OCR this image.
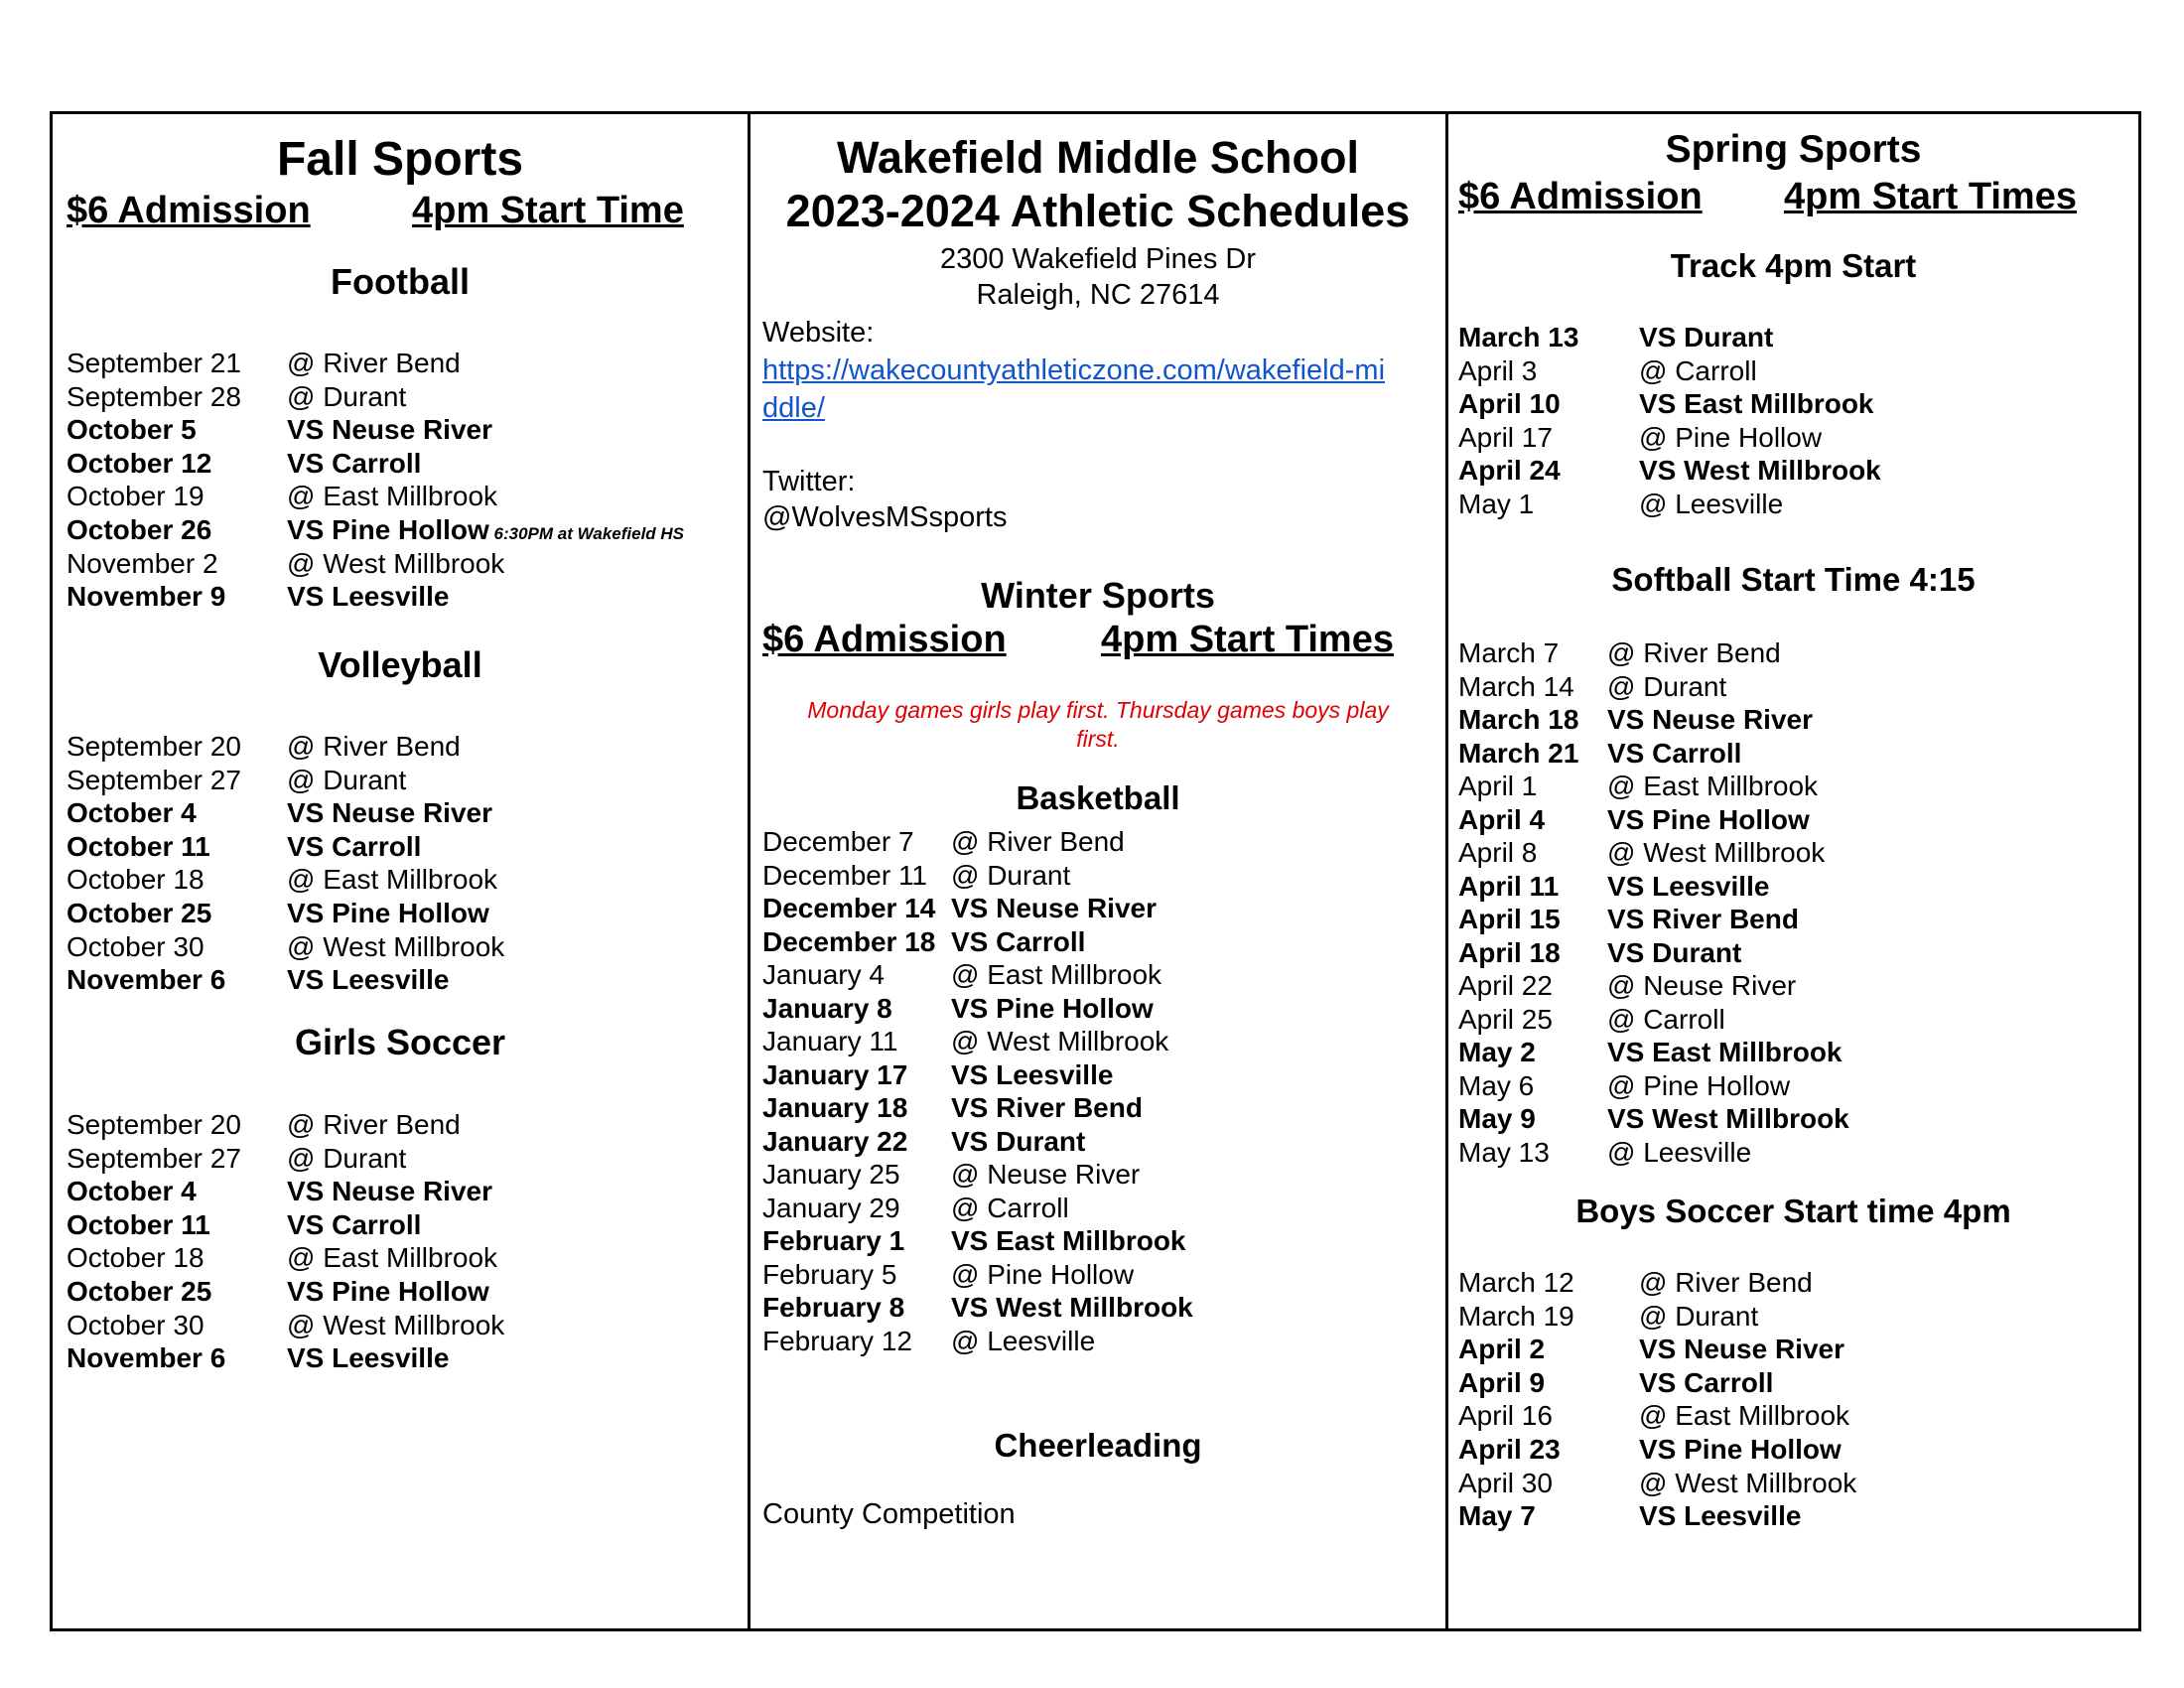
Fall Sports
$6 Admission	4pm Start Time
Football
September 21 @ River Bend
September 28 @ Durant
October 5	VS Neuse River
October 12	VS Carroll
October 19	@ East Millbrook
October 26	VS Pine Hollow 6:30PM at Wakefield HS
November 2 @ West Millbrook
November 9 VS Leesville
Volleyball
September 20 @ River Bend
September 27 @ Durant
October 4	VS Neuse River
October 11	VS Carroll
October 18	@ East Millbrook
October 25	VS Pine Hollow
October 30	@ West Millbrook
November 6 VS Leesville
Girls Soccer
September 20 @ River Bend
September 27 @ Durant
October 4	VS Neuse River
October 11	VS Carroll
October 18	@ East Millbrook
October 25	VS Pine Hollow
October 30	@ West Millbrook
November 6 VS Leesville
Wakefield Middle School
2023-2024 Athletic Schedules
2300 Wakefield Pines Dr
Raleigh, NC 27614
Website:
https://wakecountyathleticzone.com/wakefield-mi
ddle/
Twitter:
@WolvesMSsports
Winter Sports
$6 Admission	4pm Start Times
Monday games girls play first. Thursday games boys play
first.
Basketball
December 7 @ River Bend
December 11 @ Durant
December 14 VS Neuse River
December 18 VS Carroll
January 4 @ East Millbrook
January 8 VS Pine Hollow
January 11 @ West Millbrook
January 17 VS Leesville
January 18 VS River Bend
January 22 VS Durant
January 25 @ Neuse River
January 29 @ Carroll
February 1 VS East Millbrook
February 5 @ Pine Hollow
February 8 VS West Millbrook
February 12 @ Leesville
Cheerleading
County Competition
Spring Sports
$6 Admission 4pm Start Times
Track 4pm Start
March 13 VS Durant
April 3	@ Carroll
April 10	VS East Millbrook
April 17	@ Pine Hollow
April 24	VS West Millbrook
May 1	@ Leesville
Softball Start Time 4:15
March 7 @ River Bend
March 14 @ Durant
March 18 VS Neuse River
March 21 VS Carroll
April 1	@ East Millbrook
April 4 VS Pine Hollow
April 8	@ West Millbrook
April 11 VS Leesville
April 15 VS River Bend
April 18 VS Durant
April 22 @ Neuse River
April 25 @ Carroll
May 2	VS East Millbrook
May 6	@ Pine Hollow
May 9	VS West Millbrook
May 13 @ Leesville
Boys Soccer Start time 4pm
March 12 @ River Bend
March 19 @ Durant
April 2	VS Neuse River
April 9	VS Carroll
April 16	@ East Millbrook
April 23	VS Pine Hollow
April 30	@ West Millbrook
May 7	VS Leesville
